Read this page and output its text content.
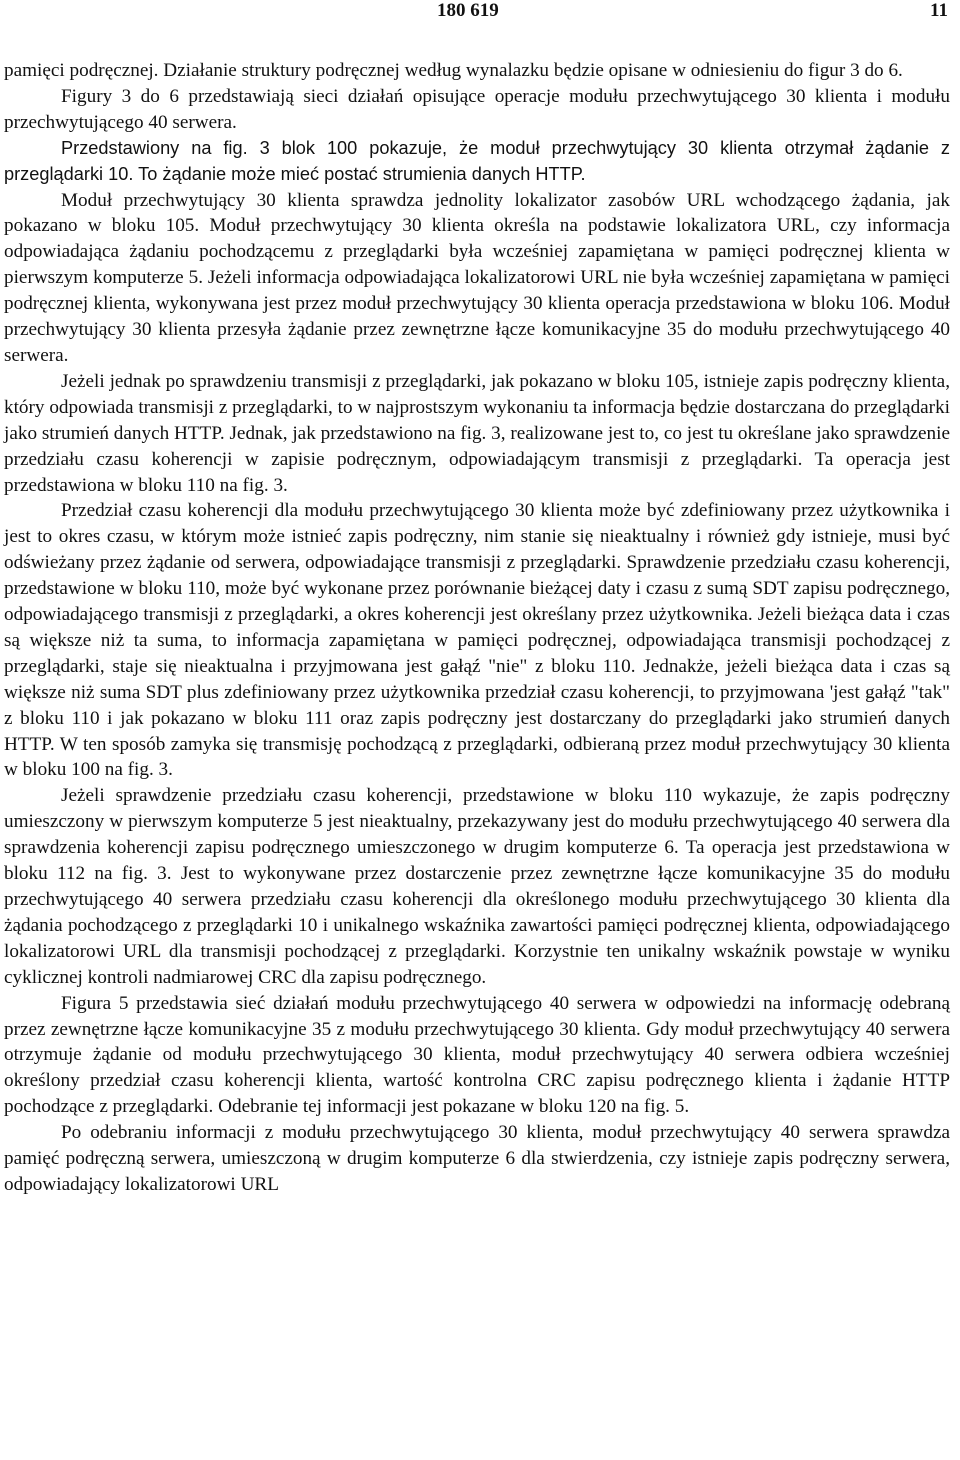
180 619	11

pamięci podręcznej. Działanie struktury podręcznej według wynalazku będzie opisane w odniesieniu do figur 3 do 6.

Figury 3 do 6 przedstawiają sieci działań opisujące operacje modułu przechwytującego 30 klienta i modułu przechwytującego 40 serwera.

Przedstawiony na fig. 3 blok 100 pokazuje, że moduł przechwytujący 30 klienta otrzymał żądanie z przeglądarki 10. To żądanie może mieć postać strumienia danych HTTP.

Moduł przechwytujący 30 klienta sprawdza jednolity lokalizator zasobów URL wchodzącego żądania, jak pokazano w bloku 105. Moduł przechwytujący 30 klienta określa na podstawie lokalizatora URL, czy informacja odpowiadająca żądaniu pochodzącemu z przeglądarki była wcześniej zapamiętana w pamięci podręcznej klienta w pierwszym komputerze 5. Jeżeli informacja odpowiadająca lokalizatorowi URL nie była wcześniej zapamiętana w pamięci podręcznej klienta, wykonywana jest przez moduł przechwytujący 30 klienta operacja przedstawiona w bloku 106. Moduł przechwytujący 30 klienta przesyła żądanie przez zewnętrzne łącze komunikacyjne 35 do modułu przechwytującego 40 serwera.

Jeżeli jednak po sprawdzeniu transmisji z przeglądarki, jak pokazano w bloku 105, istnieje zapis podręczny klienta, który odpowiada transmisji z przeglądarki, to w najprostszym wykonaniu ta informacja będzie dostarczana do przeglądarki jako strumień danych HTTP. Jednak, jak przedstawiono na fig. 3, realizowane jest to, co jest tu określane jako sprawdzenie przedziału czasu koherencji w zapisie podręcznym, odpowiadającym transmisji z przeglądarki. Ta operacja jest przedstawiona w bloku 110 na fig. 3.

Przedział czasu koherencji dla modułu przechwytującego 30 klienta może być zdefiniowany przez użytkownika i jest to okres czasu, w którym może istnieć zapis podręczny, nim stanie się nieaktualny i również gdy istnieje, musi być odświeżany przez żądanie od serwera, odpowiadające transmisji z przeglądarki. Sprawdzenie przedziału czasu koherencji, przedstawione w bloku 110, może być wykonane przez porównanie bieżącej daty i czasu z sumą SDT zapisu podręcznego, odpowiadającego transmisji z przeglądarki, a okres koherencji jest określany przez użytkownika. Jeżeli bieżąca data i czas są większe niż ta suma, to informacja zapamiętana w pamięci podręcznej, odpowiadająca transmisji pochodzącej z przeglądarki, staje się nieaktualna i przyjmowana jest gałąź "nie" z bloku 110. Jednakże, jeżeli bieżąca data i czas są większe niż suma SDT plus zdefiniowany przez użytkownika przedział czasu koherencji, to przyjmowana 'jest gałąź "tak" z bloku 110 i jak pokazano w bloku 111 oraz zapis podręczny jest dostarczany do przeglądarki jako strumień danych HTTP. W ten sposób zamyka się transmisję pochodzącą z przeglądarki, odbieraną przez moduł przechwytujący 30 klienta w bloku 100 na fig. 3.

Jeżeli sprawdzenie przedziału czasu koherencji, przedstawione w bloku 110 wykazuje, że zapis podręczny umieszczony w pierwszym komputerze 5 jest nieaktualny, przekazywany jest do modułu przechwytującego 40 serwera dla sprawdzenia koherencji zapisu podręcznego umieszczonego w drugim komputerze 6. Ta operacja jest przedstawiona w bloku 112 na fig. 3. Jest to wykonywane przez dostarczenie przez zewnętrzne łącze komunikacyjne 35 do modułu przechwytującego 40 serwera przedziału czasu koherencji dla określonego modułu przechwytującego 30 klienta dla żądania pochodzącego z przeglądarki 10 i unikalnego wskaźnika zawartości pamięci podręcznej klienta, odpowiadającego lokalizatorowi URL dla transmisji pochodzącej z przeglądarki. Korzystnie ten unikalny wskaźnik powstaje w wyniku cyklicznej kontroli nadmiarowej CRC dla zapisu podręcznego.

Figura 5 przedstawia sieć działań modułu przechwytującego 40 serwera w odpowiedzi na informację odebraną przez zewnętrzne łącze komunikacyjne 35 z modułu przechwytującego 30 klienta. Gdy moduł przechwytujący 40 serwera otrzymuje żądanie od modułu przechwytującego 30 klienta, moduł przechwytujący 40 serwera odbiera wcześniej określony przedział czasu koherencji klienta, wartość kontrolna CRC zapisu podręcznego klienta i żądanie HTTP pochodzące z przeglądarki. Odebranie tej informacji jest pokazane w bloku 120 na fig. 5.

Po odebraniu informacji z modułu przechwytującego 30 klienta, moduł przechwytujący 40 serwera sprawdza pamięć podręczną serwera, umieszczoną w drugim komputerze 6 dla stwierdzenia, czy istnieje zapis podręczny serwera, odpowiadający lokalizatorowi URL
